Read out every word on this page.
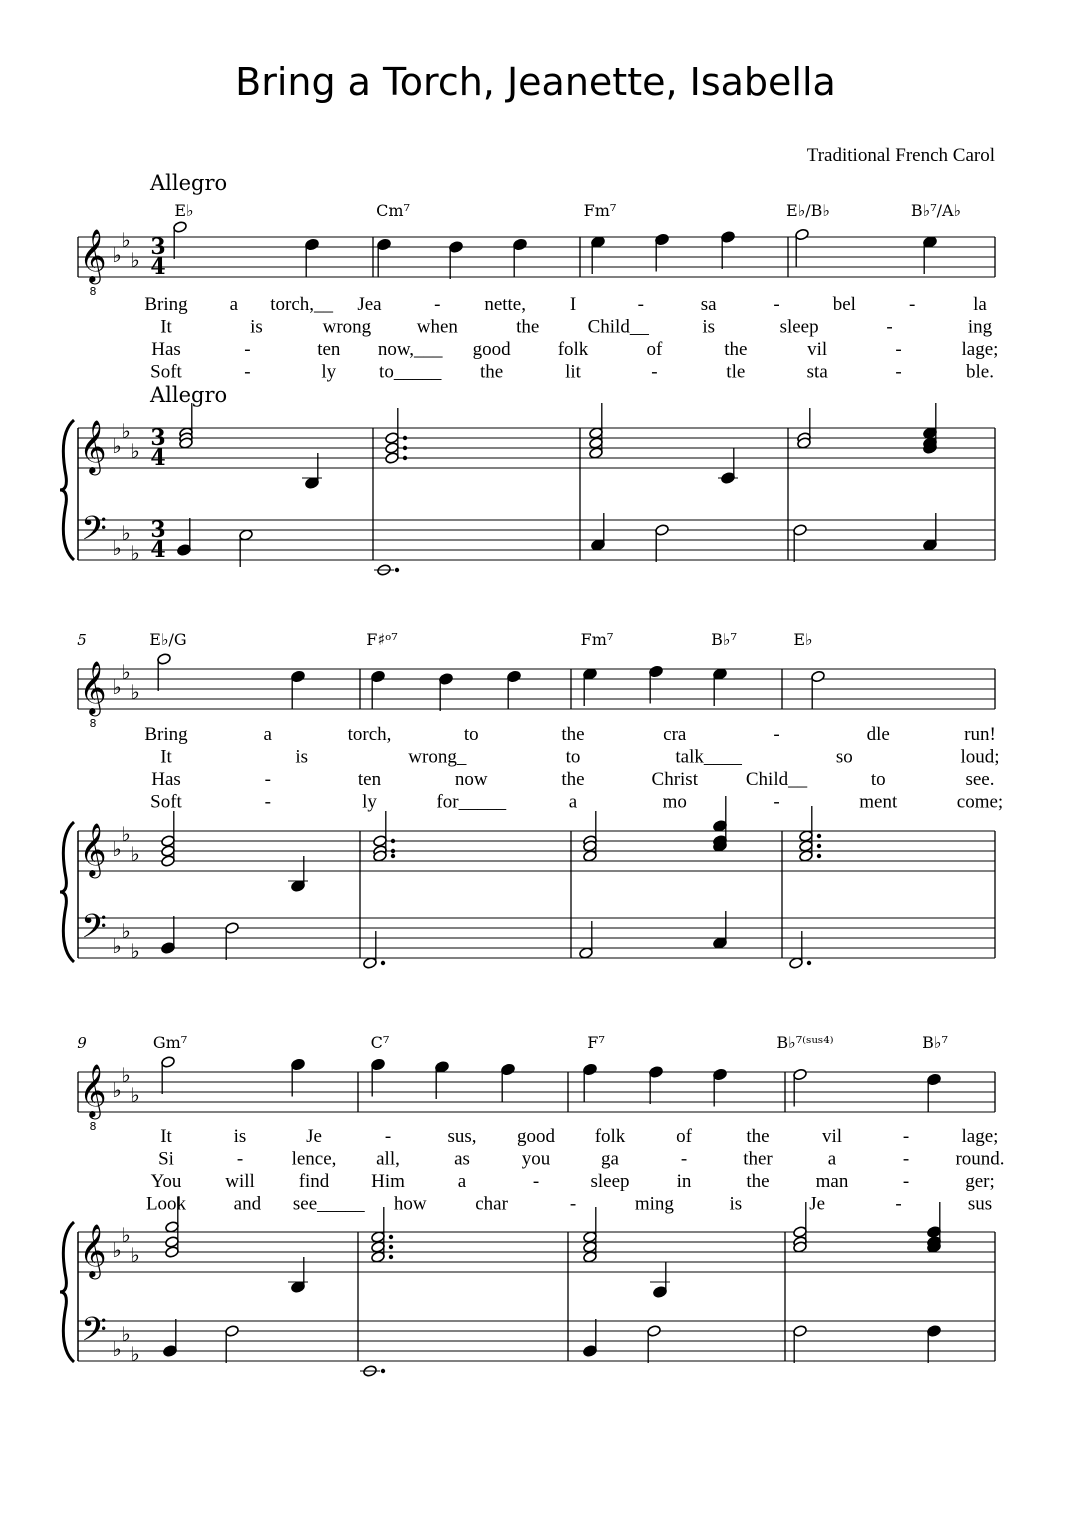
Bring a Torch, Jeanette, Isabella
Traditional French Carol
Allegro
Allegro
E♭	Cm⁷	Fm⁷	E♭/B♭	B♭⁷/A♭
𝄞
8
♭
♭
♭ 3
4
Bring a torch,__ Jea	- nette, I	-	sa	-	bel	-	la
It	is	wrong when	the	Child__	is	sleep	-	ing
Has	-	ten now,___ good folk	of	the	vil	-	lage;
Soft	-	ly to_____ the	lit	-	tle	sta	-	ble.
𝄞
𝄢
♭
♭
♭
♭
♭
♭
3
4
3
4
5	E♭/G	F♯ᵒ⁷	Fm⁷	B♭⁷	E♭
𝄞
8
♭
♭
♭
Bring	a	torch,	to	the	cra	-	dle	run!
It	is	wrong_	to	talk____	so	loud;
Has	-	ten	now	the	Christ	Child__	to	see.
Soft	-	ly	for_____	a	mo	-	ment	come;
𝄞
𝄢
♭
♭
♭
♭
♭
♭
9	Gm⁷	C⁷	F⁷	B♭⁷⁽ˢᵘˢ⁴⁾	B♭⁷
𝄞
8
♭
♭
♭
It	is	Je	-	sus, good folk	of	the	vil	-	lage;
Si	-	lence, all,	as	you	ga	-	ther	a	- round.
You will find Him	a	-	sleep in	the man	-	ger;
Look	and see_____ how	char	-	ming	is	Je	-	sus
𝄞
𝄢
♭
♭
♭
♭
♭
♭
